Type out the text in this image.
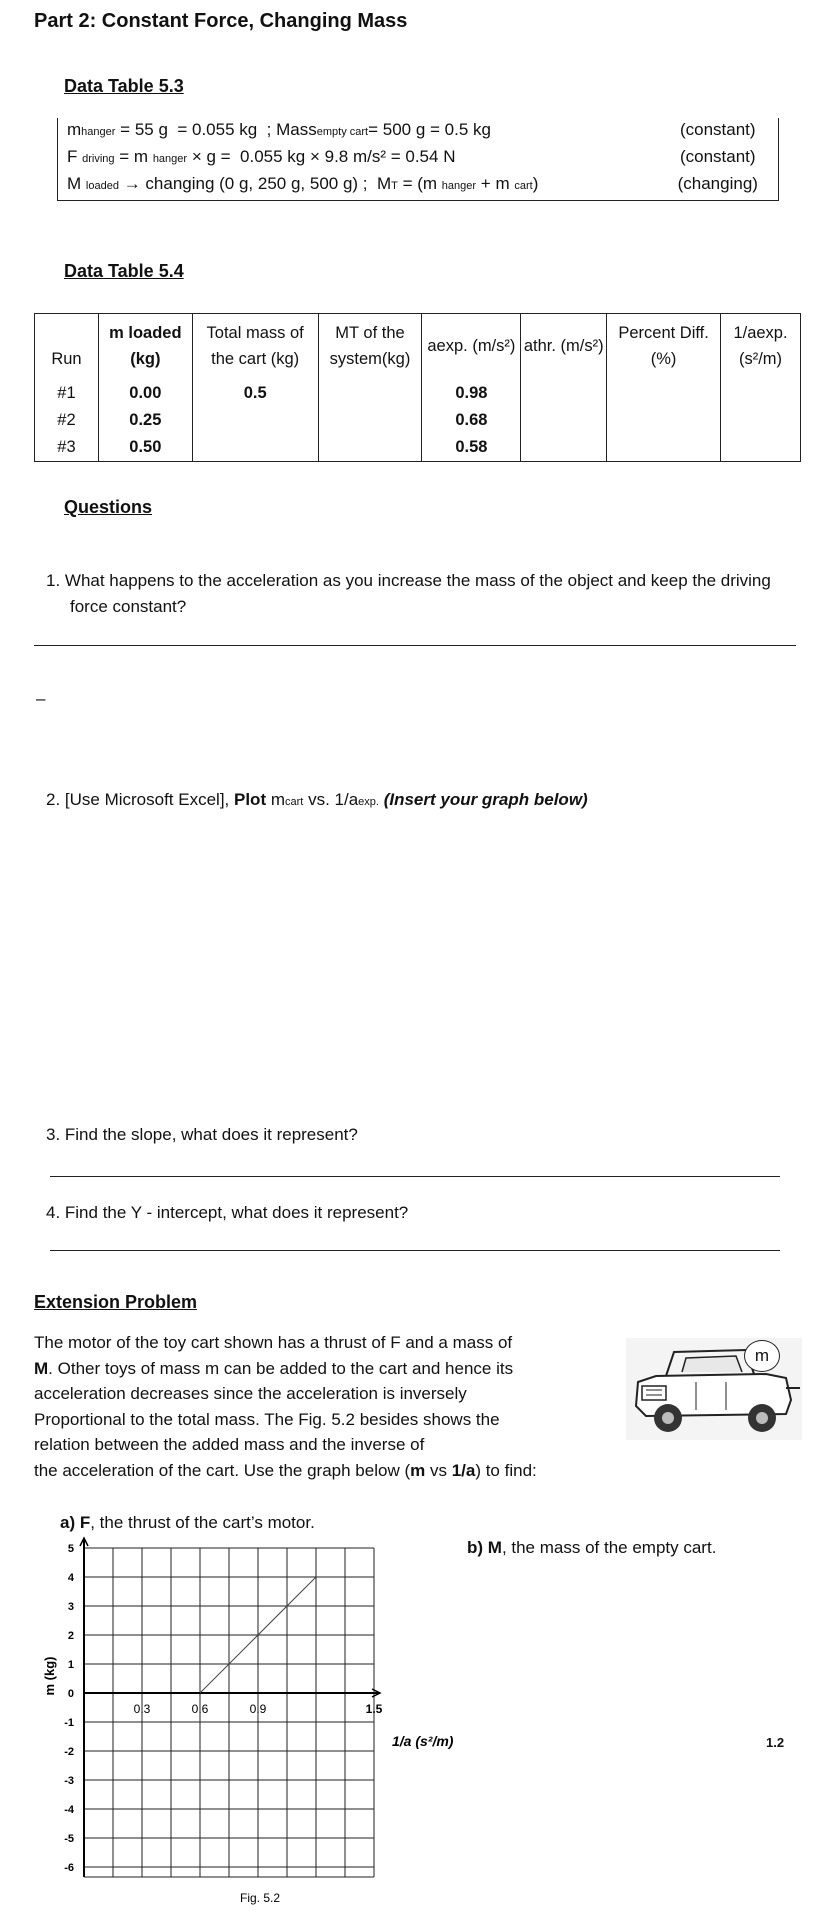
Part 2: Constant Force, Changing Mass
Data Table 5.3
mhanger = 55 g  = 0.055 kg  ; Massempty cart= 500 g = 0.5 kg	(constant)
F driving = m hanger × g =  0.055 kg × 9.8 m/s² = 0.54 N	(constant)
M loaded → changing (0 g, 250 g, 500 g) ;  MT = (m hanger + m cart)	(changing)
Data Table 5.4
Run	m loaded (kg)	Total mass of the cart (kg)	MT of the system(kg)	aexp. (m/s²)	athr. (m/s²)	Percent Diff. (%)	1/aexp. (s²/m)
#1	0.00	0.5		0.98			
#2	0.25			0.68			
#3	0.50			0.58			
Questions
1. What happens to the acceleration as you increase the mass of the object and keep the driving force constant?
–
2. [Use Microsoft Excel], Plot mcart vs. 1/aexp. (Insert your graph below)
3. Find the slope, what does it represent?
4. Find the Y - intercept, what does it represent?
Extension Problem
The motor of the toy cart shown has a thrust of F and a mass of
M. Other toys of mass m can be added to the cart and hence its
acceleration decreases since the acceleration is inversely
Proportional to the total mass. The Fig. 5.2 besides shows the
relation between the added mass and the inverse of
the acceleration of the cart. Use the graph below (m vs 1/a) to find:
m
a) F, the thrust of the cart’s motor.
b) M, the mass of the empty cart.
1.2
5
4
3
2
1
0
-1
-2
-3
-4
-5
-6
0.3	0.6	0.9	1.5
m (kg)
1/a (s²/m)
Fig. 5.2
